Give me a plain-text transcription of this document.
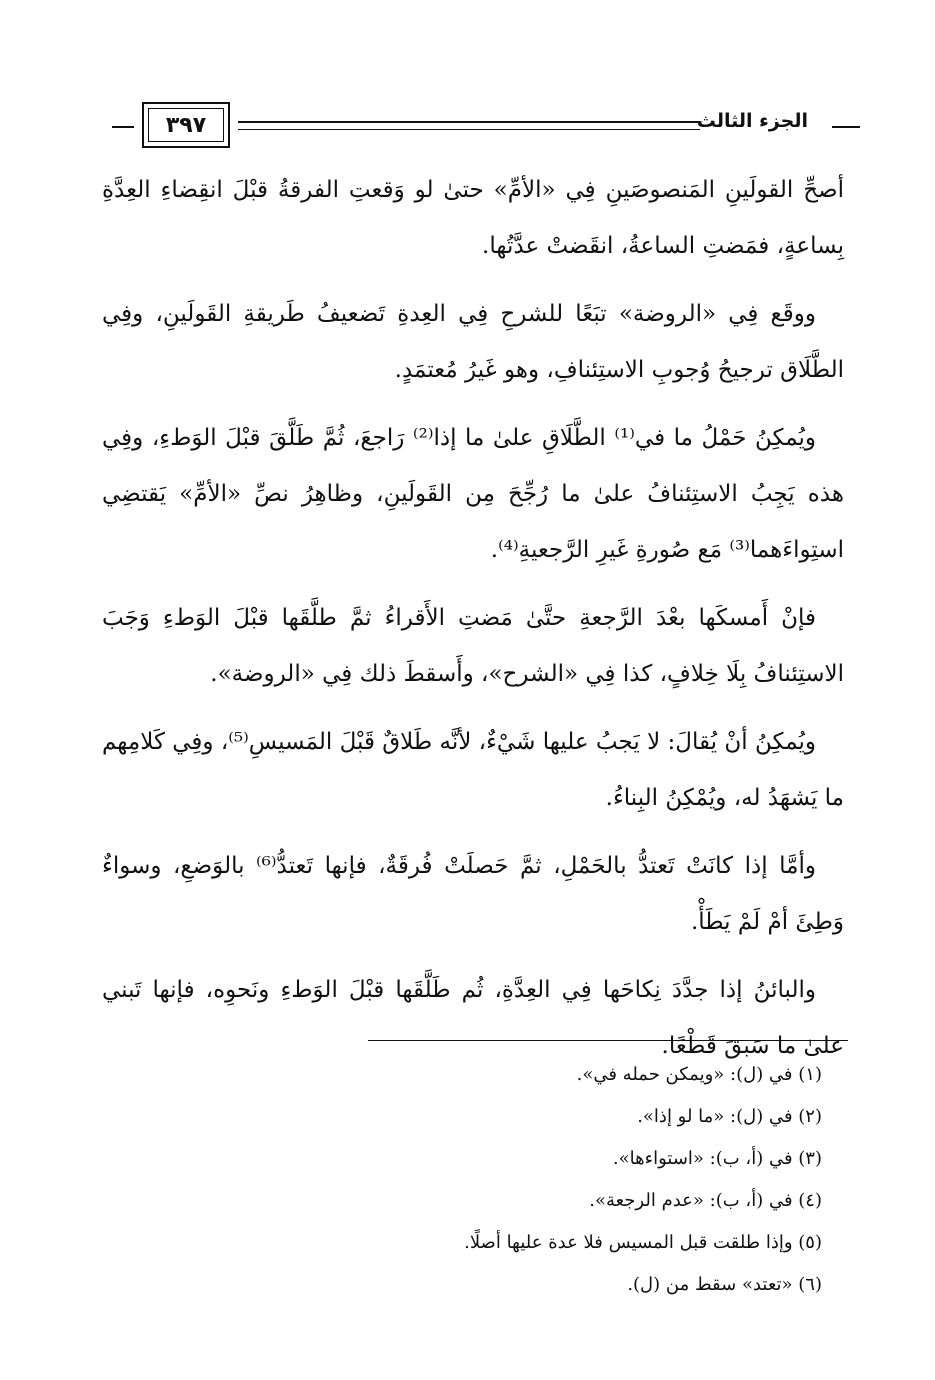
٣٩٧	الجزء الثالث

أصحِّ القولَينِ المَنصوصَينِ فِي «الأمِّ» حتىٰ لو وَقعتِ الفرقةُ قبْلَ انقِضاءِ العِدَّةِ بِساعةٍ، فمَضتِ الساعةُ، انقَضتْ عدَّتُها.

ووقَع فِي «الروضة» تبَعًا للشرحِ فِي العِدةِ تَضعيفُ طَريقةِ القَولَينِ، وفِي الطَّلَاق ترجيحُ وُجوبِ الاستِئنافِ، وهو غَيرُ مُعتمَدٍ.

ويُمكِنُ حَمْلُ ما في⁽¹⁾ الطَّلَاقِ علىٰ ما إذا⁽²⁾ رَاجعَ، ثُمَّ طَلَّقَ قبْلَ الوَطءِ، وفِي هذه يَجِبُ الاستِئنافُ علىٰ ما رُجِّحَ مِن القَولَينِ، وظاهِرُ نصِّ «الأمِّ» يَقتضِي استِواءَهما⁽³⁾ مَع صُورةِ غَيرِ الرَّجعيةِ⁽⁴⁾.

فإنْ أَمسكَها بعْدَ الرَّجعةِ حتَّىٰ مَضتِ الأَقراءُ ثمَّ طلَّقَها قبْلَ الوَطءِ وَجَبَ الاستِئنافُ بِلَا خِلافٍ، كذا فِي «الشرح»، وأَسقطَ ذلك فِي «الروضة».

ويُمكِنُ أنْ يُقالَ: لا يَجبُ عليها شَيْءٌ، لأنَّه طَلاقٌ قَبْلَ المَسيسِ⁽⁵⁾، وفِي كَلامِهم ما يَشهَدُ له، ويُمْكِنُ البِناءُ.

وأمَّا إذا كانَتْ تَعتدُّ بالحَمْلِ، ثمَّ حَصلَتْ فُرقَةٌ، فإنها تَعتدُّ⁽⁶⁾ بالوَضعِ، وسواءٌ وَطِئَ أمْ لَمْ يَطَأْ.

والبائنُ إذا جدَّدَ نِكاحَها فِي العِدَّةِ، ثُم طَلَّقَها قبْلَ الوَطءِ ونَحوِه، فإنها تَبني علىٰ ما سَبقَ قَطْعًا.

(١) في (ل): «ويمكن حمله في».

(٢) في (ل): «ما لو إذا».

(٣) في (أ، ب): «استواءها».

(٤) في (أ، ب): «عدم الرجعة».

(٥) وإذا طلقت قبل المسيس فلا عدة عليها أصلًا.

(٦) «تعتد» سقط من (ل).
